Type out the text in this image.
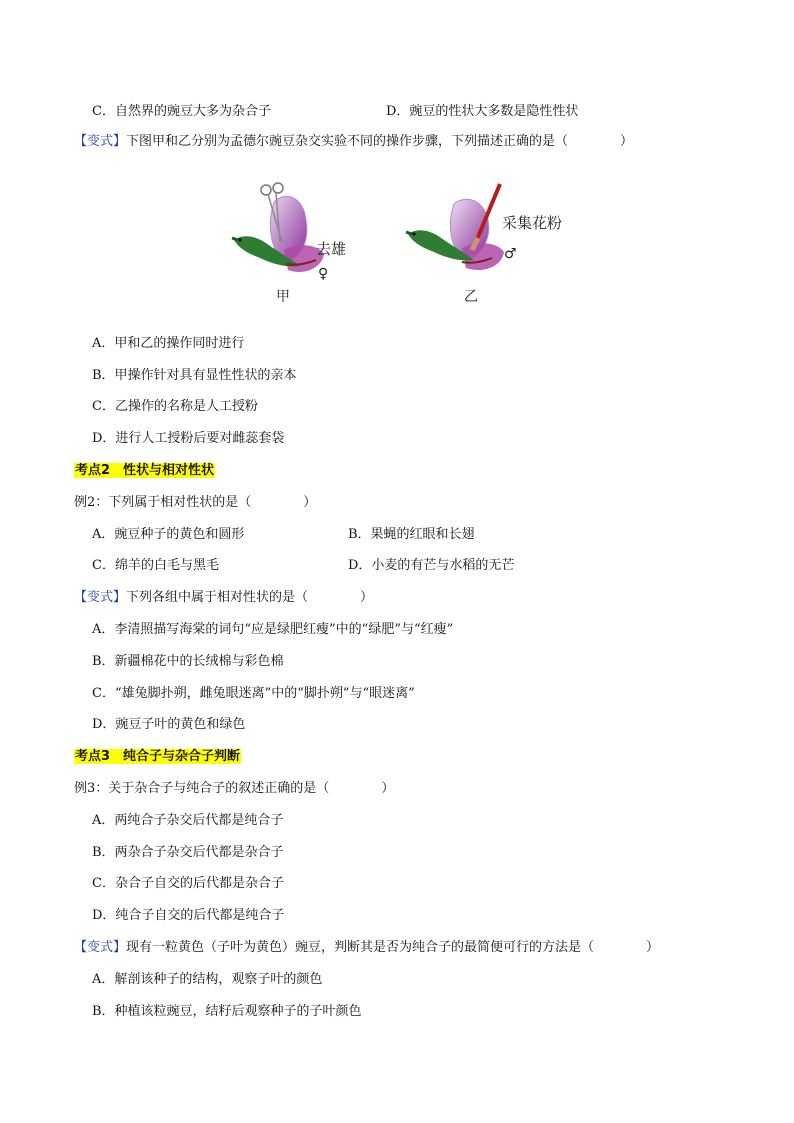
C．自然界的豌豆大多为杂合子	D．豌豆的性状大多数是隐性性状
【变式】下图甲和乙分别为孟德尔豌豆杂交实验不同的操作步骤，下列描述正确的是（　　　　）
去雄
♀
甲
采集花粉
♂
乙
A．甲和乙的操作同时进行
B．甲操作针对具有显性性状的亲本
C．乙操作的名称是人工授粉
D．进行人工授粉后要对雌蕊套袋
考点2　性状与相对性状
例2：下列属于相对性状的是（　　　　）
A．豌豆种子的黄色和圆形	B．果蝇的红眼和长翅
C．绵羊的白毛与黑毛	D．小麦的有芒与水稻的无芒
【变式】下列各组中属于相对性状的是（　　　　）
A．李清照描写海棠的词句“应是绿肥红瘦”中的“绿肥”与“红瘦”
B．新疆棉花中的长绒棉与彩色棉
C．“雄兔脚扑朔，雌兔眼迷离”中的“脚扑朔”与“眼迷离”
D．豌豆子叶的黄色和绿色
考点3　纯合子与杂合子判断
例3：关于杂合子与纯合子的叙述正确的是（　　　　）
A．两纯合子杂交后代都是纯合子
B．两杂合子杂交后代都是杂合子
C．杂合子自交的后代都是杂合子
D．纯合子自交的后代都是纯合子
【变式】现有一粒黄色（子叶为黄色）豌豆，判断其是否为纯合子的最简便可行的方法是（　　　　）
A．解剖该种子的结构，观察子叶的颜色
B．种植该粒豌豆，结籽后观察种子的子叶颜色
